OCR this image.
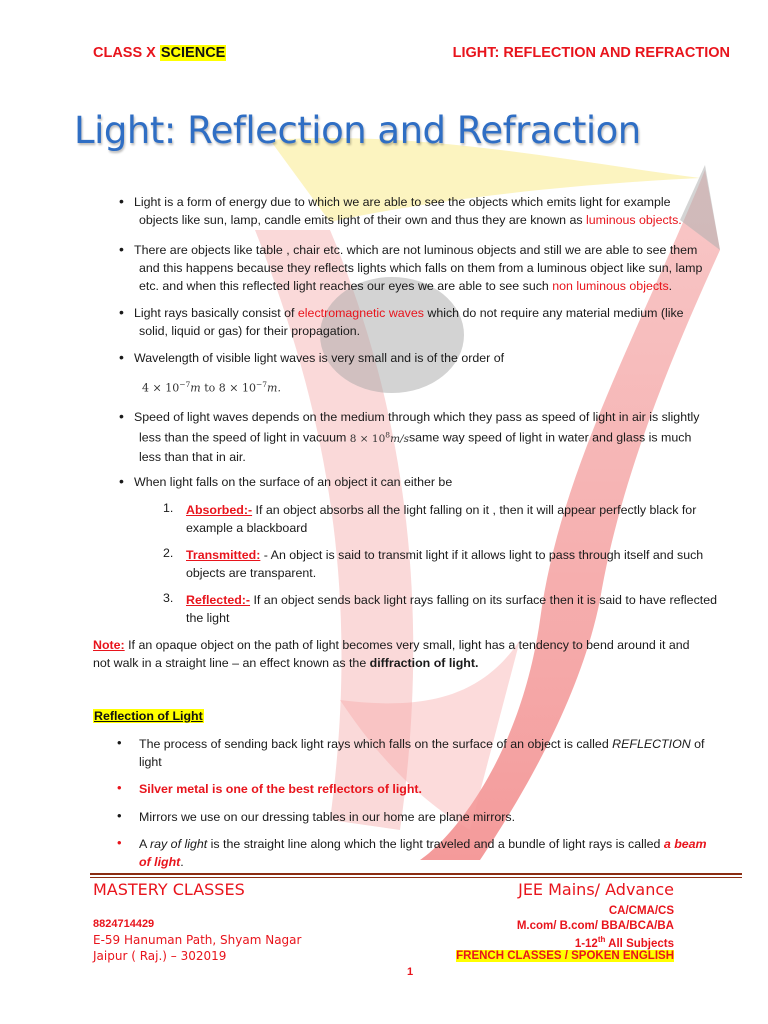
CLASS X SCIENCE	LIGHT: REFLECTION AND REFRACTION
Light: Reflection and Refraction
• Light is a form of energy due to which we are able to see the objects which emits light for example
objects like sun, lamp, candle emits light of their own and thus they are known as luminous objects.
• There are objects like table , chair etc. which are not luminous objects and still we are able to see them
and this happens because they reflects lights which falls on them from a luminous object like sun, lamp
etc. and when this reflected light reaches our eyes we are able to see such non luminous objects.
• Light rays basically consist of electromagnetic waves which do not require any material medium (like
solid, liquid or gas) for their propagation.
• Wavelength of visible light waves is very small and is of the order of
$4 \times 10^{-7}m$ to $8 \times 10^{-7}m$.
• Speed of light waves depends on the medium through which they pass as speed of light in air is slightly
less than the speed of light in vacuum $8 \times 10^8m$/ssame way speed of light in water and glass is much
less than that in air.
• When light falls on the surface of an object it can either be
1. Absorbed:- If an object absorbs all the light falling on it , then it will appear perfectly black for
example a blackboard
2. Transmitted: - An object is said to transmit light if it allows light to pass through itself and such
objects are transparent.
3. Reflected:- If an object sends back light rays falling on its surface then it is said to have reflected
the light
Note: If an opaque object on the path of light becomes very small, light has a tendency to bend around it and
not walk in a straight line – an effect known as the diffraction of light.
Reflection of Light
• The process of sending back light rays which falls on the surface of an object is called REFLECTION of
light
• Silver metal is one of the best reflectors of light.
• Mirrors we use on our dressing tables in our home are plane mirrors.
• A ray of light is the straight line along which the light traveled and a bundle of light rays is called a beam
of light.
MASTERY CLASSES	JEE Mains/ Advance
8824714429
E-59 Hanuman Path, Shyam Nagar
Jaipur ( Raj.) – 302019
CA/CMA/CS
M.com/ B.com/ BBA/BCA/BA
1-12th All Subjects
FRENCH CLASSES / SPOKEN ENGLISH
1
